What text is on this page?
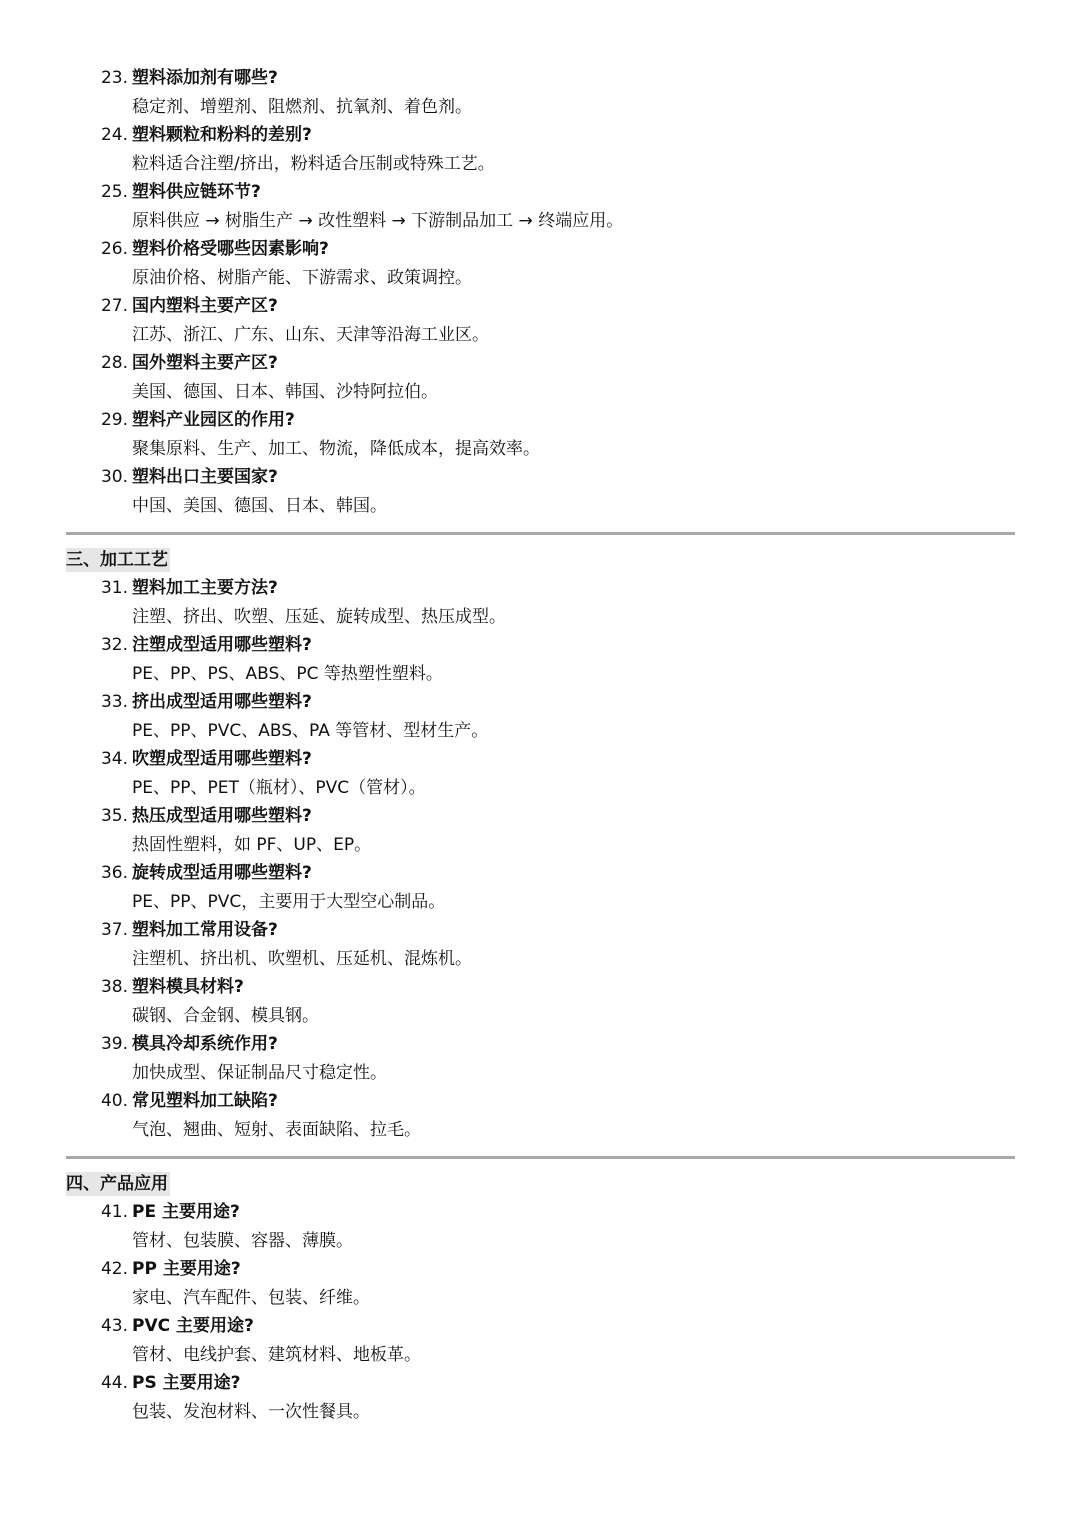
23. 塑料添加剂有哪些?
稳定剂、增塑剂、阻燃剂、抗氧剂、着色剂。
24. 塑料颗粒和粉料的差别?
粒料适合注塑/挤出，粉料适合压制或特殊工艺。
25. 塑料供应链环节?
原料供应 → 树脂生产 → 改性塑料 → 下游制品加工 → 终端应用。
26. 塑料价格受哪些因素影响?
原油价格、树脂产能、下游需求、政策调控。
27. 国内塑料主要产区?
江苏、浙江、广东、山东、天津等沿海工业区。
28. 国外塑料主要产区?
美国、德国、日本、韩国、沙特阿拉伯。
29. 塑料产业园区的作用?
聚集原料、生产、加工、物流，降低成本，提高效率。
30. 塑料出口主要国家?
中国、美国、德国、日本、韩国。
三、加工工艺
31. 塑料加工主要方法?
注塑、挤出、吹塑、压延、旋转成型、热压成型。
32. 注塑成型适用哪些塑料?
PE、PP、PS、ABS、PC 等热塑性塑料。
33. 挤出成型适用哪些塑料?
PE、PP、PVC、ABS、PA 等管材、型材生产。
34. 吹塑成型适用哪些塑料?
PE、PP、PET（瓶材）、PVC（管材）。
35. 热压成型适用哪些塑料?
热固性塑料，如 PF、UP、EP。
36. 旋转成型适用哪些塑料?
PE、PP、PVC，主要用于大型空心制品。
37. 塑料加工常用设备?
注塑机、挤出机、吹塑机、压延机、混炼机。
38. 塑料模具材料?
碳钢、合金钢、模具钢。
39. 模具冷却系统作用?
加快成型、保证制品尺寸稳定性。
40. 常见塑料加工缺陷?
气泡、翘曲、短射、表面缺陷、拉毛。
四、产品应用
41. PE 主要用途?
管材、包装膜、容器、薄膜。
42. PP 主要用途?
家电、汽车配件、包装、纤维。
43. PVC 主要用途?
管材、电线护套、建筑材料、地板革。
44. PS 主要用途?
包装、发泡材料、一次性餐具。
